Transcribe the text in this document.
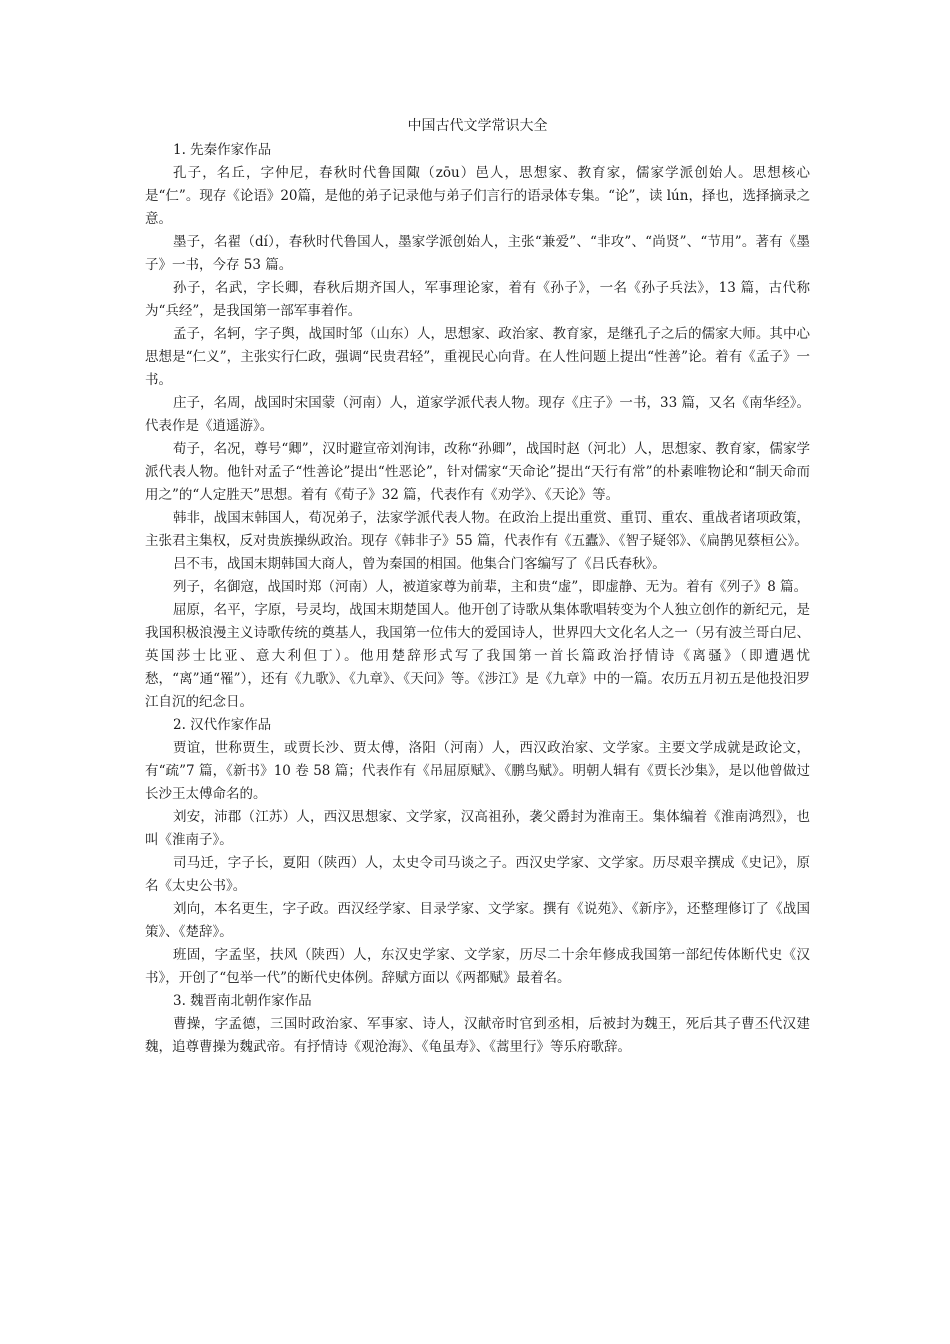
中国古代文学常识大全
1. 先秦作家作品

孔子，名丘，字仲尼，春秋时代鲁国陬（zōu）邑人，思想家、教育家，儒家学派创始人。思想核心是“仁”。现存《论语》20篇，是他的弟子记录他与弟子们言行的语录体专集。“论”，读 lún，择也，选择摘录之意。

墨子，名翟（dí），春秋时代鲁国人，墨家学派创始人，主张“兼爱”、“非攻”、“尚贤”、“节用”。著有《墨子》一书，今存 53 篇。

孙子，名武，字长卿，春秋后期齐国人，军事理论家，着有《孙子》，一名《孙子兵法》，13 篇，古代称为“兵经”，是我国第一部军事着作。

孟子，名轲，字子舆，战国时邹（山东）人，思想家、政治家、教育家，是继孔子之后的儒家大师。其中心思想是“仁义”，主张实行仁政，强调“民贵君轻”，重视民心向背。在人性问题上提出“性善”论。着有《孟子》一书。

庄子，名周，战国时宋国蒙（河南）人，道家学派代表人物。现存《庄子》一书，33 篇，又名《南华经》。代表作是《逍遥游》。

荀子，名况，尊号“卿”，汉时避宣帝刘洵讳，改称“孙卿”，战国时赵（河北）人，思想家、教育家，儒家学派代表人物。他针对孟子“性善论”提出“性恶论”，针对儒家“天命论”提出“天行有常”的朴素唯物论和“制天命而用之”的“人定胜天”思想。着有《荀子》32 篇，代表作有《劝学》、《天论》等。

韩非，战国末韩国人，荀况弟子，法家学派代表人物。在政治上提出重赏、重罚、重农、重战者诸项政策，主张君主集权，反对贵族操纵政治。现存《韩非子》55 篇，代表作有《五蠹》、《智子疑邻》、《扁鹊见蔡桓公》。

吕不韦，战国末期韩国大商人，曾为秦国的相国。他集合门客编写了《吕氏春秋》。

列子，名御寇，战国时郑（河南）人，被道家尊为前辈，主和贵“虚”，即虚静、无为。着有《列子》8 篇。

屈原，名平，字原，号灵均，战国末期楚国人。他开创了诗歌从集体歌唱转变为个人独立创作的新纪元，是我国积极浪漫主义诗歌传统的奠基人，我国第一位伟大的爱国诗人，世界四大文化名人之一（另有波兰哥白尼、英国莎士比亚、意大利但丁）。他用楚辞形式写了我国第一首长篇政治抒情诗《离骚》（即遭遇忧愁，“离”通“罹”），还有《九歌》、《九章》、《天问》等。《涉江》是《九章》中的一篇。农历五月初五是他投汨罗江自沉的纪念日。

2. 汉代作家作品

贾谊，世称贾生，或贾长沙、贾太傅，洛阳（河南）人，西汉政治家、文学家。主要文学成就是政论文，有“疏”7 篇，《新书》10 卷 58 篇；代表作有《吊屈原赋》、《鹏鸟赋》。明朝人辑有《贾长沙集》，是以他曾做过长沙王太傅命名的。

刘安，沛郡（江苏）人，西汉思想家、文学家，汉高祖孙，袭父爵封为淮南王。集体编着《淮南鸿烈》，也叫《淮南子》。

司马迁，字子长，夏阳（陕西）人，太史令司马谈之子。西汉史学家、文学家。历尽艰辛撰成《史记》，原名《太史公书》。

刘向，本名更生，字子政。西汉经学家、目录学家、文学家。撰有《说苑》、《新序》，还整理修订了《战国策》、《楚辞》。

班固，字孟坚，扶风（陕西）人，东汉史学家、文学家，历尽二十余年修成我国第一部纪传体断代史《汉书》，开创了“包举一代”的断代史体例。辞赋方面以《两都赋》最着名。

3. 魏晋南北朝作家作品

曹操，字孟德，三国时政治家、军事家、诗人，汉献帝时官到丞相，后被封为魏王，死后其子曹丕代汉建魏，追尊曹操为魏武帝。有抒情诗《观沧海》、《龟虽寿》、《蒿里行》等乐府歌辞。
